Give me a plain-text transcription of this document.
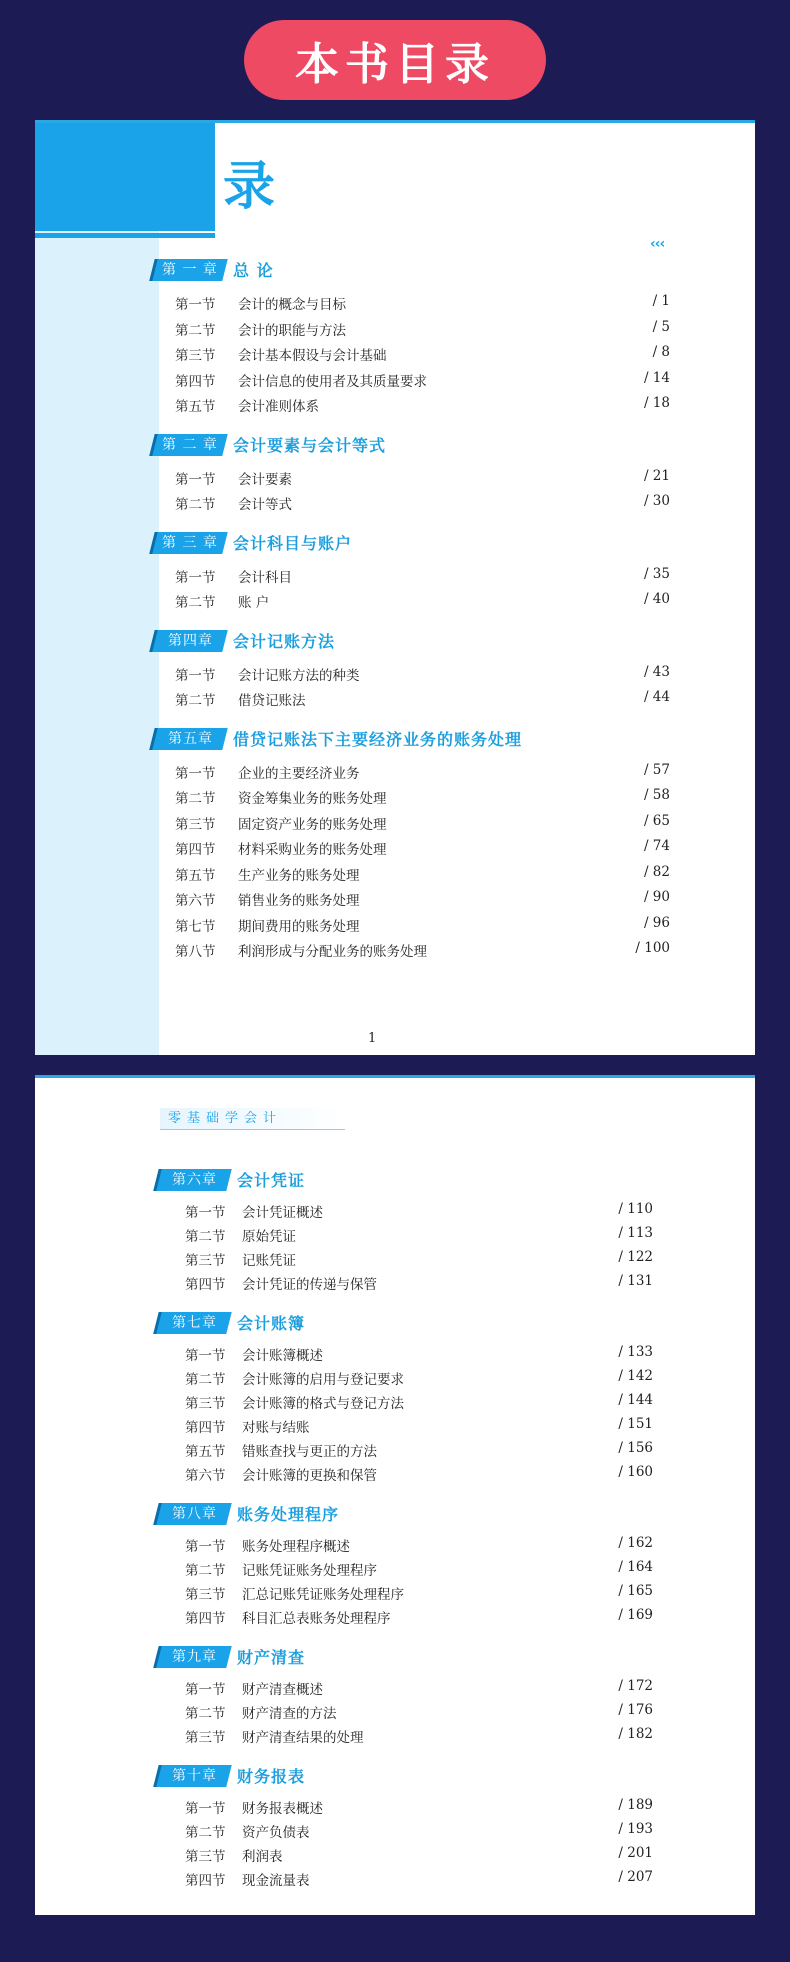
本书目录
目录
‹‹‹
第 一 章 总 论
第一节 会计的概念与目标	/ 1
第二节 会计的职能与方法	/ 5
第三节 会计基本假设与会计基础	/ 8
第四节 会计信息的使用者及其质量要求	/ 14
第五节 会计准则体系	/ 18
第 二 章 会计要素与会计等式
第一节 会计要素	/ 21
第二节 会计等式	/ 30
第 三 章 会计科目与账户
第一节 会计科目	/ 35
第二节 账 户	/ 40
第四章	会计记账方法
第一节 会计记账方法的种类	/ 43
第二节 借贷记账法	/ 44
第五章	借贷记账法下主要经济业务的账务处理
第一节 企业的主要经济业务	/ 57
第二节 资金筹集业务的账务处理	/ 58
第三节 固定资产业务的账务处理	/ 65
第四节 材料采购业务的账务处理	/ 74
第五节 生产业务的账务处理	/ 82
第六节 销售业务的账务处理	/ 90
第七节 期间费用的账务处理	/ 96
第八节 利润形成与分配业务的账务处理	/ 100
1
零基础学会计
第六章	会计凭证
第一节 会计凭证概述	/ 110
第二节 原始凭证	/ 113
第三节 记账凭证	/ 122
第四节 会计凭证的传递与保管	/ 131
第七章	会计账簿
第一节 会计账簿概述	/ 133
第二节 会计账簿的启用与登记要求	/ 142
第三节 会计账簿的格式与登记方法	/ 144
第四节 对账与结账	/ 151
第五节 错账查找与更正的方法	/ 156
第六节 会计账簿的更换和保管	/ 160
第八章	账务处理程序
第一节 账务处理程序概述	/ 162
第二节 记账凭证账务处理程序	/ 164
第三节 汇总记账凭证账务处理程序	/ 165
第四节 科目汇总表账务处理程序	/ 169
第九章	财产清查
第一节 财产清查概述	/ 172
第二节 财产清查的方法	/ 176
第三节 财产清查结果的处理	/ 182
第十章	财务报表
第一节 财务报表概述	/ 189
第二节 资产负债表	/ 193
第三节 利润表	/ 201
第四节 现金流量表	/ 207
